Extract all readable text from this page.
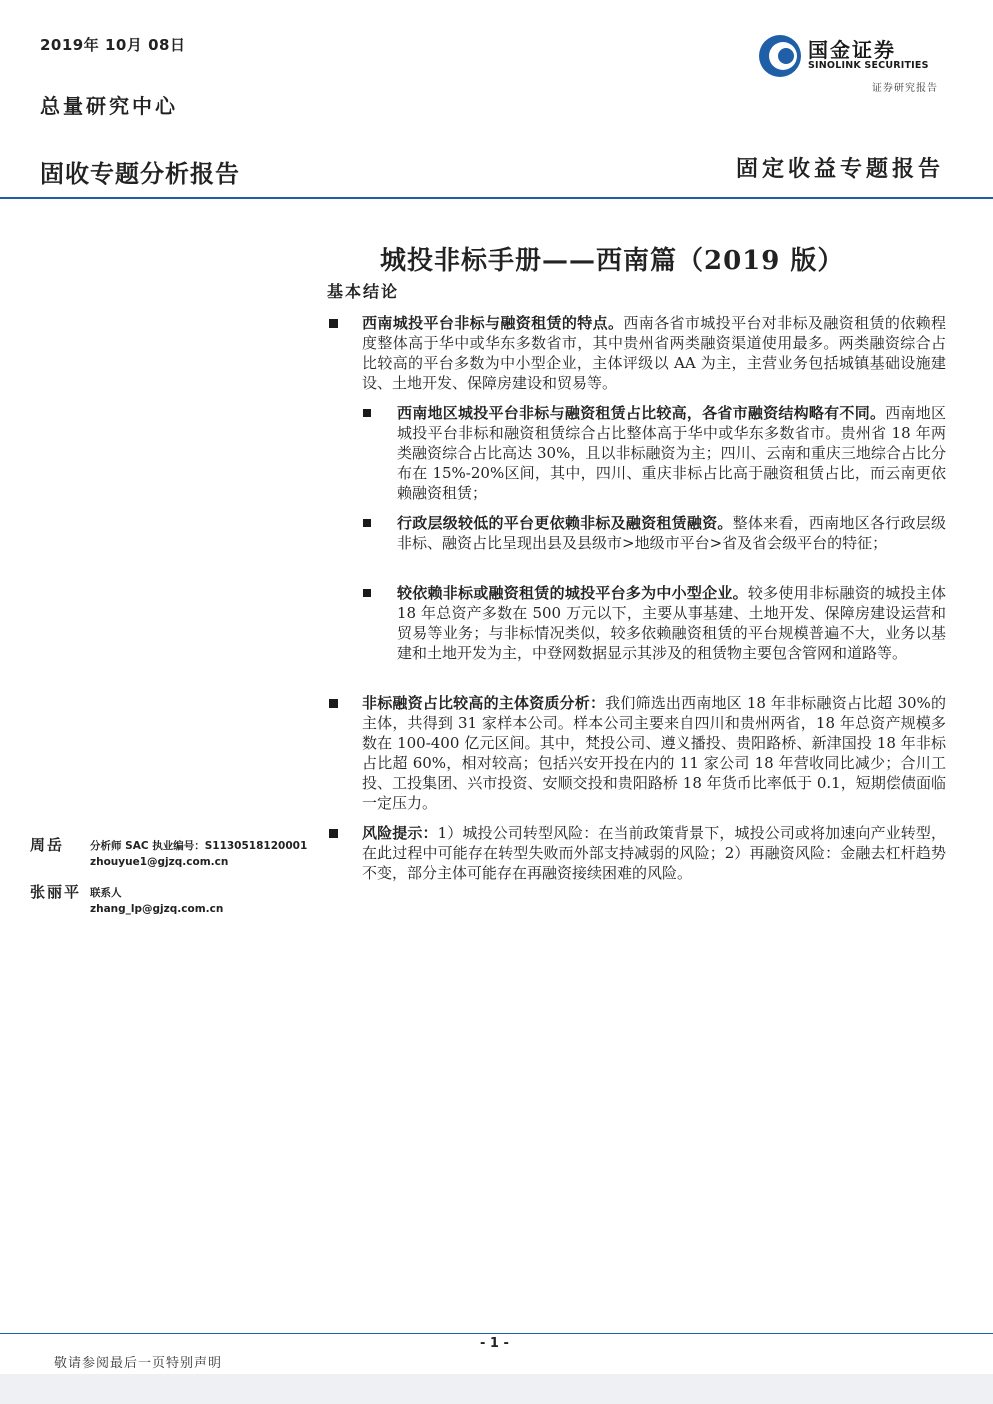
2019年 10月 08日
总量研究中心
国金证券
SINOLINK SECURITIES
证券研究报告
固收专题分析报告	固定收益专题报告
城投非标手册——西南篇（2019 版）
基本结论
西南城投平台非标与融资租赁的特点。西南各省市城投平台对非标及融资租赁的依赖程度整体高于华中或华东多数省市，其中贵州省两类融资渠道使用最多。两类融资综合占比较高的平台多数为中小型企业，主体评级以 AA 为主，主营业务包括城镇基础设施建设、土地开发、保障房建设和贸易等。
西南地区城投平台非标与融资租赁占比较高，各省市融资结构略有不同。西南地区城投平台非标和融资租赁综合占比整体高于华中或华东多数省市。贵州省 18 年两类融资综合占比高达 30%，且以非标融资为主；四川、云南和重庆三地综合占比分布在 15%-20%区间，其中，四川、重庆非标占比高于融资租赁占比，而云南更依赖融资租赁；
行政层级较低的平台更依赖非标及融资租赁融资。整体来看，西南地区各行政层级非标、融资占比呈现出县及县级市>地级市平台>省及省会级平台的特征；
较依赖非标或融资租赁的城投平台多为中小型企业。较多使用非标融资的城投主体 18 年总资产多数在 500 万元以下，主要从事基建、土地开发、保障房建设运营和贸易等业务；与非标情况类似，较多依赖融资租赁的平台规模普遍不大，业务以基建和土地开发为主，中登网数据显示其涉及的租赁物主要包含管网和道路等。
非标融资占比较高的主体资质分析：我们筛选出西南地区 18 年非标融资占比超 30%的主体，共得到 31 家样本公司。样本公司主要来自四川和贵州两省，18 年总资产规模多数在 100-400 亿元区间。其中，梵投公司、遵义播投、贵阳路桥、新津国投 18 年非标占比超 60%，相对较高；包括兴安开投在内的 11 家公司 18 年营收同比减少；合川工投、工投集团、兴市投资、安顺交投和贵阳路桥 18 年货币比率低于 0.1，短期偿债面临一定压力。
风险提示：1）城投公司转型风险：在当前政策背景下，城投公司或将加速向产业转型，在此过程中可能存在转型失败而外部支持减弱的风险；2）再融资风险：金融去杠杆趋势不变，部分主体可能存在再融资接续困难的风险。
周岳 分析师 SAC 执业编号：S1130518120001
zhouyue1@gjzq.com.cn
张丽平 联系人
zhang_lp@gjzq.com.cn
- 1 -
敬请参阅最后一页特别声明
